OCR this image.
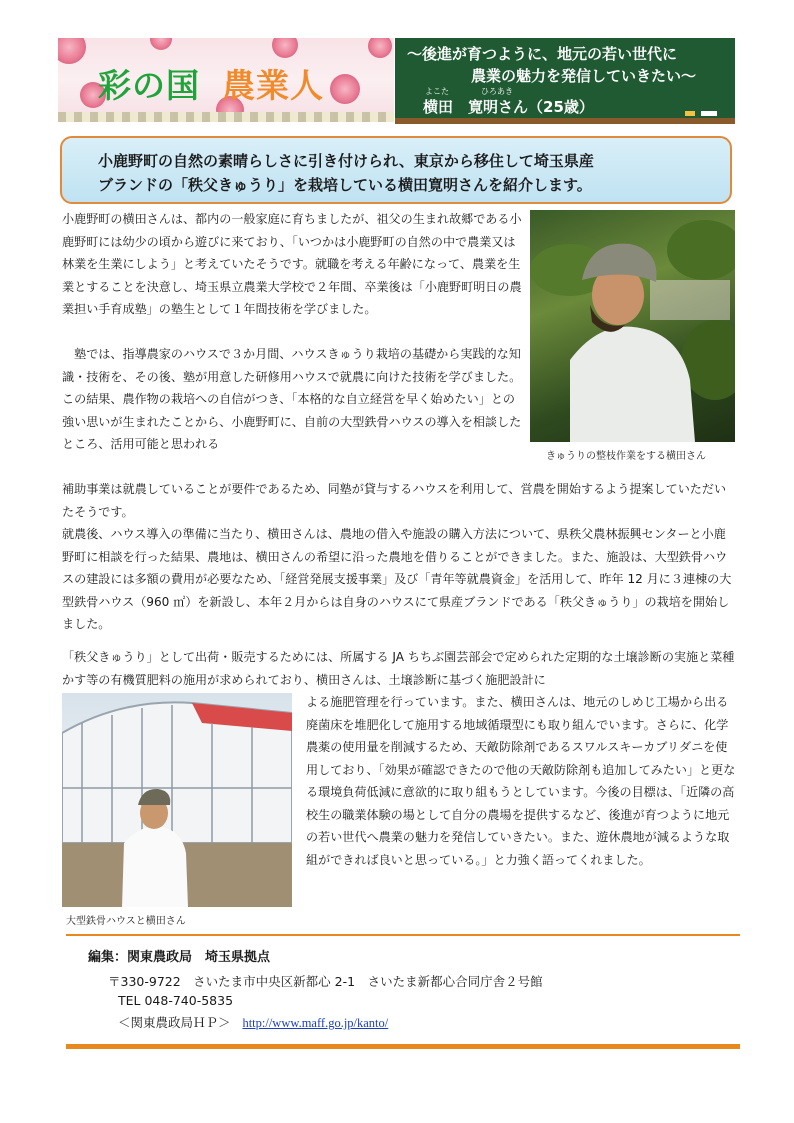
彩の国 農業人
～後進が育つように、地元の若い世代に
農業の魅力を発信していきたい～
よこた	ひろあき
横田　寛明さん（25歳）

小鹿野町の自然の素晴らしさに引き付けられ、東京から移住して埼玉県産

ブランドの「秩父きゅうり」を栽培している横田寛明さんを紹介します。

きゅうりの整枝作業をする横田さん

小鹿野町の横田さんは、都内の一般家庭に育ちましたが、祖父の生まれ故郷である小鹿野町には幼少の頃から遊びに来ており、「いつかは小鹿野町の自然の中で農業又は林業を生業にしよう」と考えていたそうです。就職を考える年齢になって、農業を生業とすることを決意し、埼玉県立農業大学校で２年間、卒業後は「小鹿野町明日の農業担い手育成塾」の塾生として１年間技術を学びました。

　塾では、指導農家のハウスで３か月間、ハウスきゅうり栽培の基礎から実践的な知識・技術を、その後、塾が用意した研修用ハウスで就農に向けた技術を学びました。この結果、農作物の栽培への自信がつき、「本格的な自立経営を早く始めたい」との強い思いが生まれたことから、小鹿野町に、自前の大型鉄骨ハウスの導入を相談したところ、活用可能と思われる

補助事業は就農していることが要件であるため、同塾が貸与するハウスを利用して、営農を開始するよう提案していただいたそうです。

就農後、ハウス導入の準備に当たり、横田さんは、農地の借入や施設の購入方法について、県秩父農林振興センターと小鹿野町に相談を行った結果、農地は、横田さんの希望に沿った農地を借りることができました。また、施設は、大型鉄骨ハウスの建設には多額の費用が必要なため、「経営発展支援事業」及び「青年等就農資金」を活用して、昨年 12 月に３連棟の大型鉄骨ハウス（960 ㎡）を新設し、本年２月からは自身のハウスにて県産ブランドである「秩父きゅうり」の栽培を開始しました。

「秩父きゅうり」として出荷・販売するためには、所属する JA ちちぶ園芸部会で定められた定期的な土壌診断の実施と菜種かす等の有機質肥料の施用が求められており、横田さんは、土壌診断に基づく施肥設計に

大型鉄骨ハウスと横田さん

よる施肥管理を行っています。また、横田さんは、地元のしめじ工場から出る廃菌床を堆肥化して施用する地域循環型にも取り組んでいます。さらに、化学農薬の使用量を削減するため、天敵防除剤であるスワルスキーカブリダニを使用しており、「効果が確認できたので他の天敵防除剤も追加してみたい」と更なる環境負荷低減に意欲的に取り組もうとしています。今後の目標は、「近隣の高校生の職業体験の場として自分の農場を提供するなど、後進が育つように地元の若い世代へ農業の魅力を発信していきたい。また、遊休農地が減るような取組ができれば良いと思っている。」と力強く語ってくれました。

編集：関東農政局　埼玉県拠点
〒330-9722　さいたま市中央区新都心 2-1　さいたま新都心合同庁舎２号館
TEL 048-740-5835
＜関東農政局ＨＰ＞ http://www.maff.go.jp/kanto/
